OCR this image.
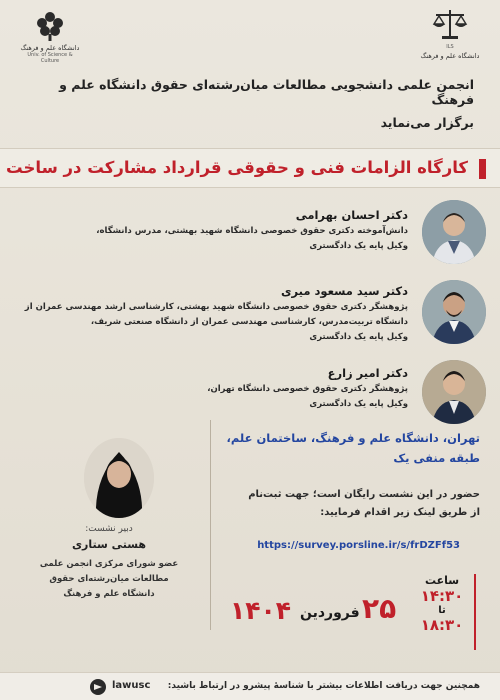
دانشگاه علم و فرهنگ
Univ. of Science & Culture
ILS
دانشگاه علم و فرهنگ
انجمن علمی دانشجویی مطالعات میان‌رشته‌ای حقوق دانشگاه علم و فرهنگ
برگزار می‌نماید
کارگاه الزامات فنی و حقوقی قرارداد مشارکت در ساخت
دکتر احسان بهرامی
دانش‌آموخته دکتری حقوق خصوصی دانشگاه شهید بهشتی، مدرس دانشگاه،
وکیل پایه یک دادگستری
دکتر سید مسعود میری
پژوهشگر دکتری حقوق خصوصی دانشگاه شهید بهشتی، کارشناسی ارشد مهندسی عمران از
دانشگاه تربیت‌مدرس، کارشناسی مهندسی عمران از دانشگاه صنعتی شریف،
وکیل پایه یک دادگستری
دکتر امیر زارع
پژوهشگر دکتری حقوق خصوصی دانشگاه تهران،
وکیل پایه یک دادگستری
دبیر نشست:
هستی ستاری
عضو شورای مرکزی انجمن علمی
مطالعات میان‌رشته‌ای حقوق
دانشگاه علم و فرهنگ
تهران، دانشگاه علم و فرهنگ، ساختمان علم،
طبقه منفی یک
حضور در این نشست رایگان است؛ جهت ثبت‌نام
از طریق لینک زیر اقدام فرمایید:
https://survey.porsline.ir/s/frDZFf53
۱۴۰۴ فروردین ۲۵
ساعت
۱۴:۳۰
تا
۱۸:۳۰
lawusc همچنین جهت دریافت اطلاعات بیشتر با شناسهٔ پیشرو در ارتباط باشید:
